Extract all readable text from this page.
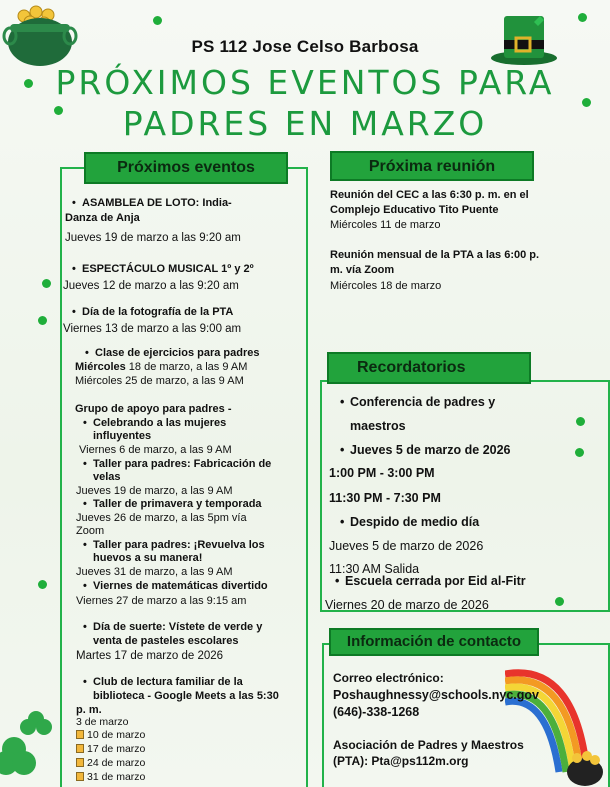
PS 112 Jose Celso Barbosa
PRÓXIMOS EVENTOS PARA
PADRES EN MARZO
Próximos eventos
• ASAMBLEA DE LOTO: India-
Danza de Anja
Jueves 19 de marzo a las 9:20 am
• ESPECTÁCULO MUSICAL 1º y 2º
Jueves 12 de marzo a las 9:20 am
• Día de la fotografía de la PTA
Viernes 13 de marzo a las 9:00 am
• Clase de ejercicios para padres
Miércoles 18 de marzo, a las 9 AM
Miércoles 25 de marzo, a las 9 AM
Grupo de apoyo para padres -
• Celebrando a las mujeres
influyentes
Viernes 6 de marzo, a las 9 AM
• Taller para padres: Fabricación de
velas
Jueves 19 de marzo, a las 9 AM
• Taller de primavera y temporada
Jueves 26 de marzo, a las 5pm vía
Zoom
• Taller para padres: ¡Revuelva los
huevos a su manera!
Jueves 31 de marzo, a las 9 AM
• Viernes de matemáticas divertido
Viernes 27 de marzo a las 9:15 am
• Día de suerte: Vístete de verde y
venta de pasteles escolares
Martes 17 de marzo de 2026
• Club de lectura familiar de la
biblioteca - Google Meets a las 5:30
p. m.
3 de marzo
10 de marzo
17 de marzo
24 de marzo
31 de marzo
Próxima reunión
Reunión del CEC a las 6:30 p. m. en el
Complejo Educativo Tito Puente
Miércoles 11 de marzo
Reunión mensual de la PTA a las 6:00 p.
m. vía Zoom
Miércoles 18 de marzo
Recordatorios
• Conferencia de padres y
maestros
• Jueves 5 de marzo de 2026
1:00 PM - 3:00 PM
11:30 PM - 7:30 PM
• Despido de medio día
Jueves 5 de marzo de 2026
11:30 AM Salida
• Escuela cerrada por Eid al-Fitr
Viernes 20 de marzo de 2026
Información de contacto
Correo electrónico:
Poshaughnessy@schools.nyc.gov
(646)-338-1268
Asociación de Padres y Maestros
(PTA): Pta@ps112m.org
